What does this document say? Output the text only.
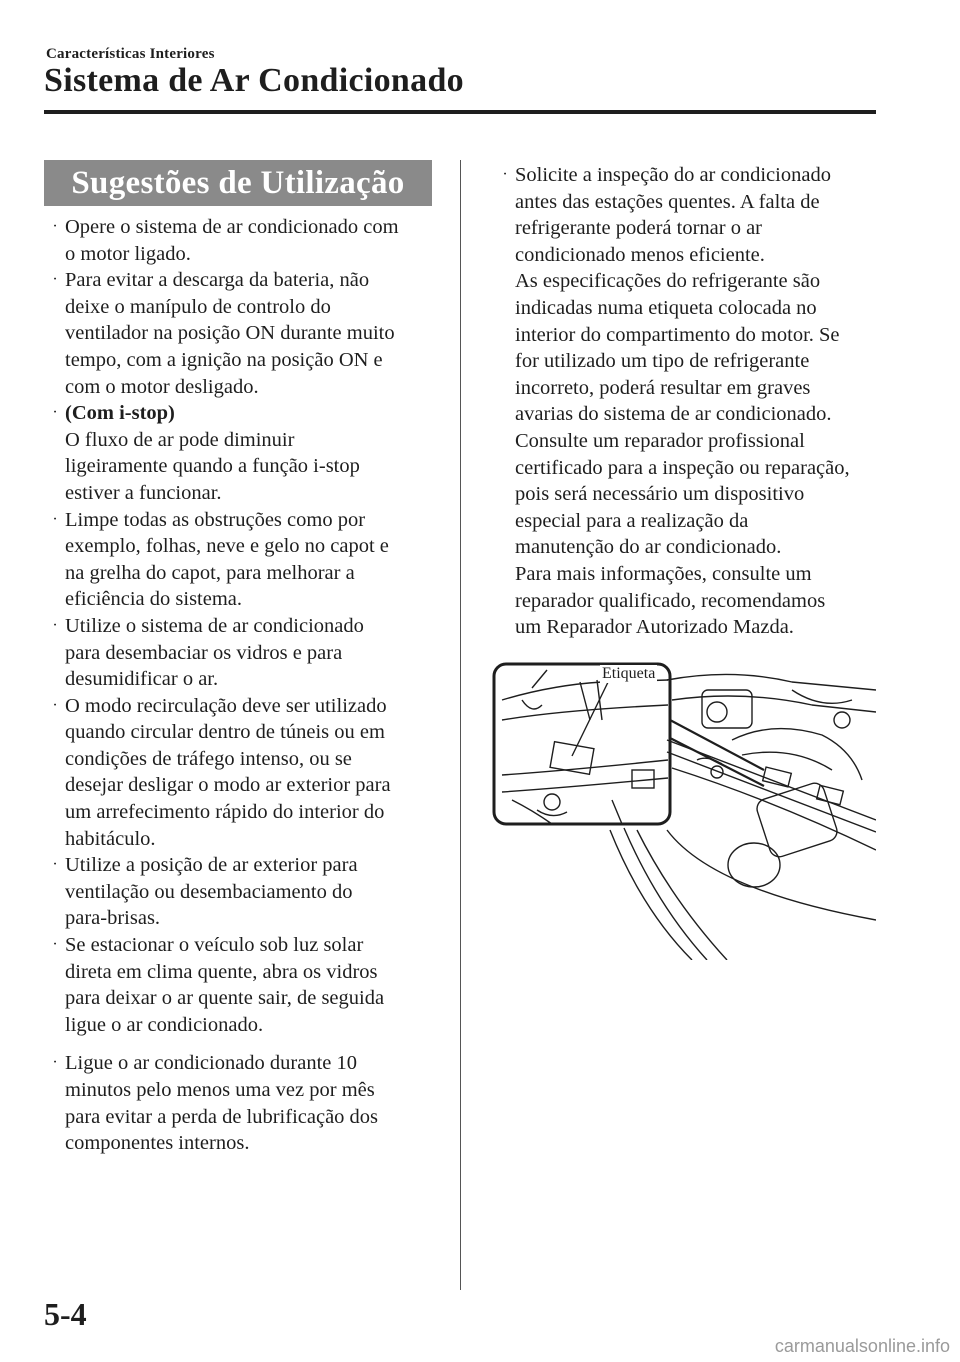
Características Interiores
Sistema de Ar Condicionado
Sugestões de Utilização
· Opere o sistema de ar condicionado com
o motor ligado.
· Para evitar a descarga da bateria, não
deixe o manípulo de controlo do
ventilador na posição ON durante muito
tempo, com a ignição na posição ON e
com o motor desligado.
· (Com i-stop)
O fluxo de ar pode diminuir
ligeiramente quando a função i-stop
estiver a funcionar.
· Limpe todas as obstruções como por
exemplo, folhas, neve e gelo no capot e
na grelha do capot, para melhorar a
eficiência do sistema.
· Utilize o sistema de ar condicionado
para desembaciar os vidros e para
desumidificar o ar.
· O modo recirculação deve ser utilizado
quando circular dentro de túneis ou em
condições de tráfego intenso, ou se
desejar desligar o modo ar exterior para
um arrefecimento rápido do interior do
habitáculo.
· Utilize a posição de ar exterior para
ventilação ou desembaciamento do
para-brisas.
· Se estacionar o veículo sob luz solar
direta em clima quente, abra os vidros
para deixar o ar quente sair, de seguida
ligue o ar condicionado.
· Ligue o ar condicionado durante 10
minutos pelo menos uma vez por mês
para evitar a perda de lubrificação dos
componentes internos.
· Solicite a inspeção do ar condicionado
antes das estações quentes. A falta de
refrigerante poderá tornar o ar
condicionado menos eficiente.
As especificações do refrigerante são
indicadas numa etiqueta colocada no
interior do compartimento do motor. Se
for utilizado um tipo de refrigerante
incorreto, poderá resultar em graves
avarias do sistema de ar condicionado.
Consulte um reparador profissional
certificado para a inspeção ou reparação,
pois será necessário um dispositivo
especial para a realização da
manutenção do ar condicionado.
Para mais informações, consulte um
reparador qualificado, recomendamos
um Reparador Autorizado Mazda.
Etiqueta
5-4
carmanualsonline.info
